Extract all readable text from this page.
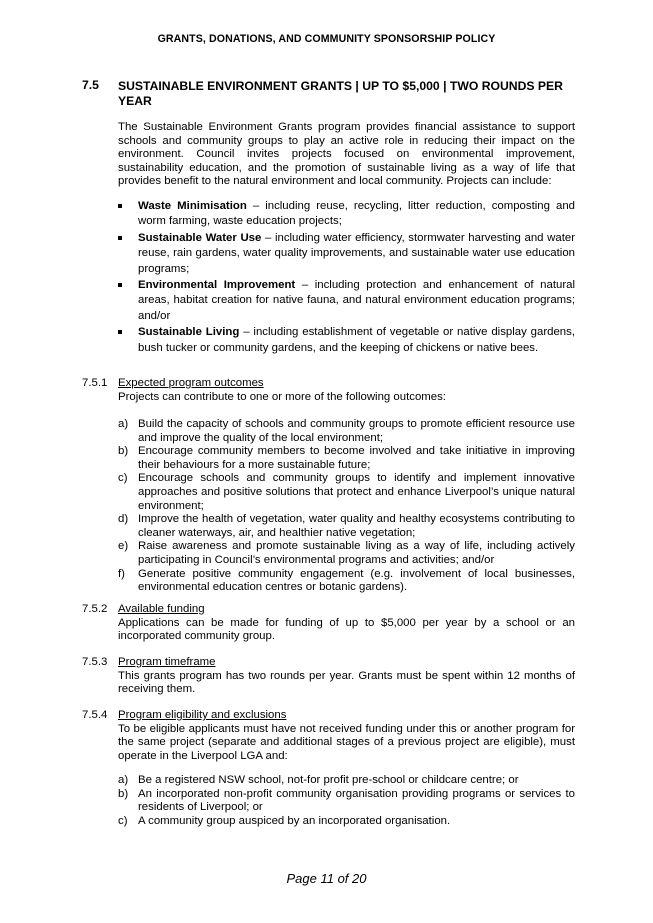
GRANTS, DONATIONS, AND COMMUNITY SPONSORSHIP POLICY
7.5 SUSTAINABLE ENVIRONMENT GRANTS | UP TO $5,000 | TWO ROUNDS PER YEAR

The Sustainable Environment Grants program provides financial assistance to support schools and community groups to play an active role in reducing their impact on the environment. Council invites projects focused on environmental improvement, sustainability education, and the promotion of sustainable living as a way of life that provides benefit to the natural environment and local community. Projects can include:

Waste Minimisation – including reuse, recycling, litter reduction, composting and worm farming, waste education projects;
Sustainable Water Use – including water efficiency, stormwater harvesting and water reuse, rain gardens, water quality improvements, and sustainable water use education programs;
Environmental Improvement – including protection and enhancement of natural areas, habitat creation for native fauna, and natural environment education programs; and/or
Sustainable Living – including establishment of vegetable or native display gardens, bush tucker or community gardens, and the keeping of chickens or native bees.
7.5.1 Expected program outcomes

Projects can contribute to one or more of the following outcomes:

a) Build the capacity of schools and community groups to promote efficient resource use and improve the quality of the local environment;
b) Encourage community members to become involved and take initiative in improving their behaviours for a more sustainable future;
c) Encourage schools and community groups to identify and implement innovative approaches and positive solutions that protect and enhance Liverpool’s unique natural environment;
d) Improve the health of vegetation, water quality and healthy ecosystems contributing to cleaner waterways, air, and healthier native vegetation;
e) Raise awareness and promote sustainable living as a way of life, including actively participating in Council’s environmental programs and activities; and/or
f) Generate positive community engagement (e.g. involvement of local businesses, environmental education centres or botanic gardens).
7.5.2 Available funding

Applications can be made for funding of up to $5,000 per year by a school or an incorporated community group.

7.5.3 Program timeframe

This grants program has two rounds per year. Grants must be spent within 12 months of receiving them.

7.5.4 Program eligibility and exclusions

To be eligible applicants must have not received funding under this or another program for the same project (separate and additional stages of a previous project are eligible), must operate in the Liverpool LGA and:

a) Be a registered NSW school, not-for profit pre-school or childcare centre; or
b) An incorporated non-profit community organisation providing programs or services to residents of Liverpool; or
c) A community group auspiced by an incorporated organisation.
Page 11 of 20
